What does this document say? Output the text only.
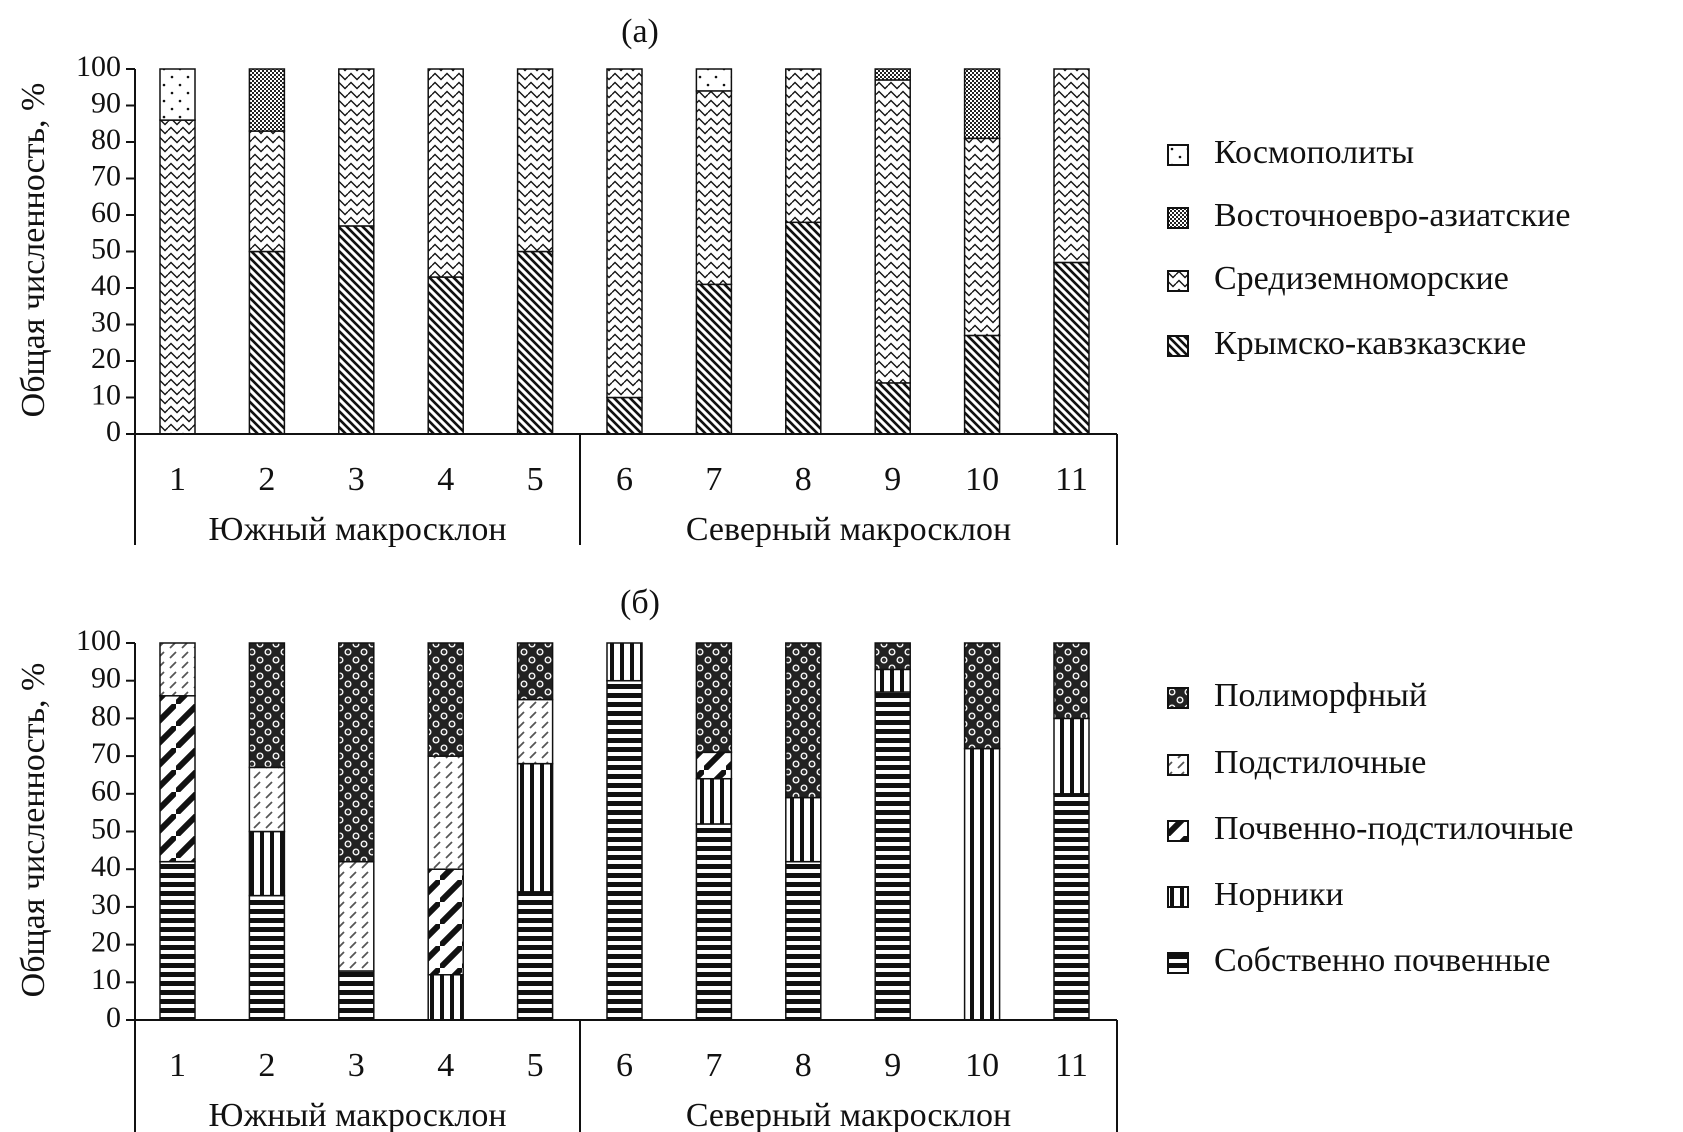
(а)
Общая численность, %
1 2 3 4 5 6 7 8 9 10 11
0
10
20
30
40
50
60
70
80
90
100
Южный макросклон	Северный макросклон
Космополиты
Восточноевро-азиатские
Средиземноморские
Крымско-кавзказские
(б)
Общая численность, %
1 2 3 4 5 6 7 8 9 10 11
0
10
20
30
40
50
60
70
80
90
100
Южный макросклон	Северный макросклон
Полиморфный
Подстилочные
Почвенно-подстилочные
Норники
Собственно почвенные
